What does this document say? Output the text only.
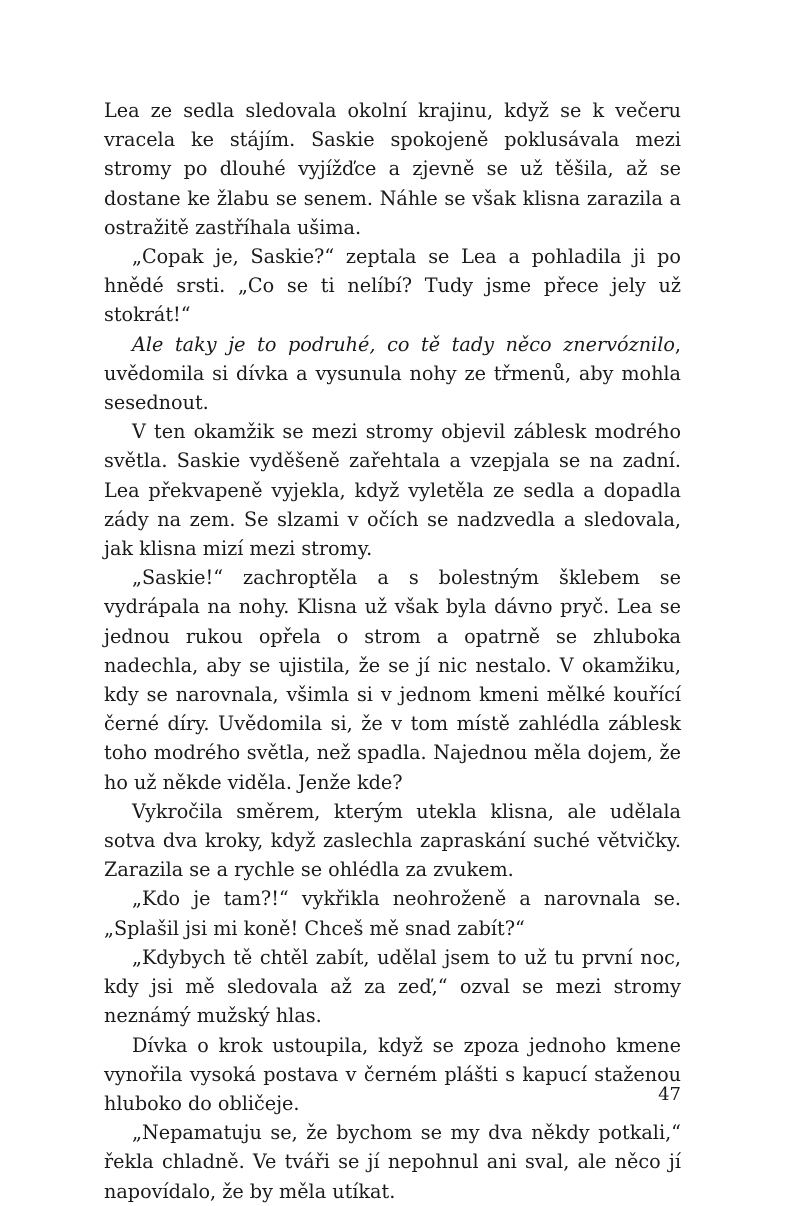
Lea ze sedla sledovala okolní krajinu, když se k večeru vracela ke stájím. Saskie spokojeně poklusávala mezi stromy po dlouhé vyjížďce a zjevně se už těšila, až se dostane ke žlabu se senem. Náhle se však klisna zarazila a ostražitě zastříhala ušima.

„Copak je, Saskie?“ zeptala se Lea a pohladila ji po hnědé srsti. „Co se ti nelíbí? Tudy jsme přece jely už stokrát!“

Ale taky je to podruhé, co tě tady něco znervóznilo, uvědomila si dívka a vysunula nohy ze třmenů, aby mohla sesednout.

V ten okamžik se mezi stromy objevil záblesk modrého světla. Saskie vyděšeně zařehtala a vzepjala se na zadní. Lea překvapeně vyjekla, když vyletěla ze sedla a dopadla zády na zem. Se slzami v očích se nadzvedla a sledovala, jak klisna mizí mezi stromy.

„Saskie!“ zachroptěla a s bolestným šklebem se vydrápala na nohy. Klisna už však byla dávno pryč. Lea se jednou rukou opřela o strom a opatrně se zhluboka nadechla, aby se ujistila, že se jí nic nestalo. V okamžiku, kdy se narovnala, všimla si v jednom kmeni mělké kouřící černé díry. Uvědomila si, že v tom místě zahlédla záblesk toho modrého světla, než spadla. Najednou měla dojem, že ho už někde viděla. Jenže kde?

Vykročila směrem, kterým utekla klisna, ale udělala sotva dva kroky, když zaslechla zapraskání suché větvičky. Zarazila se a rychle se ohlédla za zvukem.

„Kdo je tam?!“ vykřikla neohroženě a narovnala se. „Splašil jsi mi koně! Chceš mě snad zabít?“

„Kdybych tě chtěl zabít, udělal jsem to už tu první noc, kdy jsi mě sledovala až za zeď,“ ozval se mezi stromy neznámý mužský hlas.

Dívka o krok ustoupila, když se zpoza jednoho kmene vynořila vysoká postava v černém plášti s kapucí staženou hluboko do obličeje.

„Nepamatuju se, že bychom se my dva někdy potkali,“ řekla chladně. Ve tváři se jí nepohnul ani sval, ale něco jí napovídalo, že by měla utíkat.

47
